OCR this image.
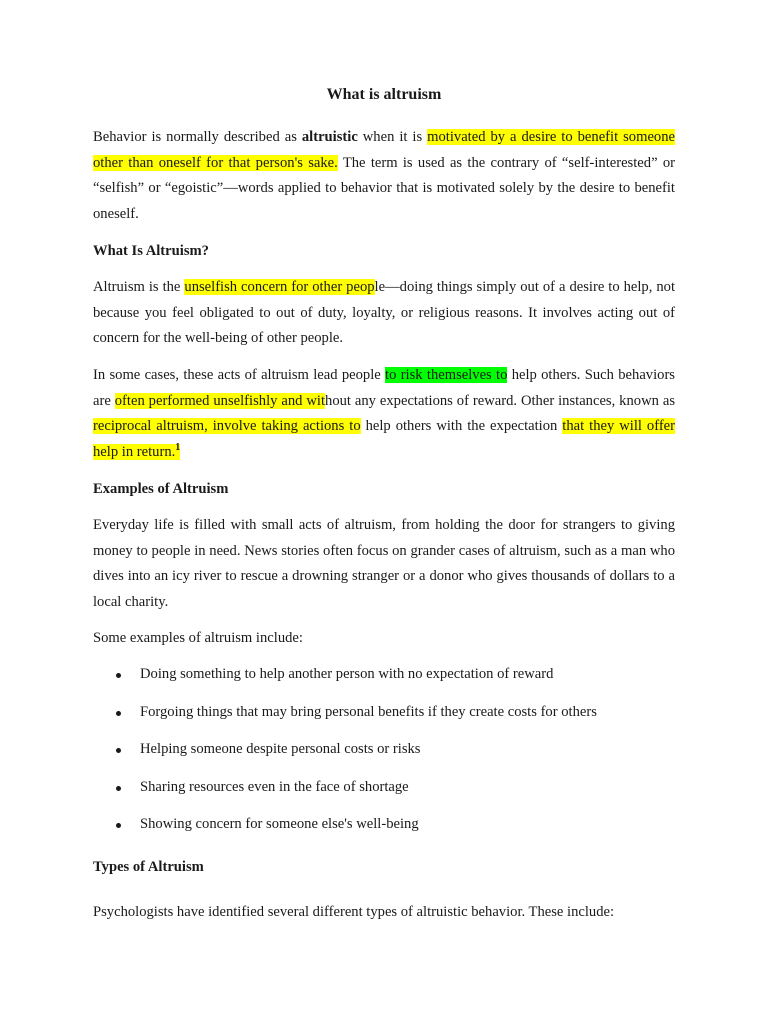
What is altruism

Behavior is normally described as altruistic when it is motivated by a desire to benefit someone other than oneself for that person's sake. The term is used as the contrary of “self-interested” or “selfish” or “egoistic”—words applied to behavior that is motivated solely by the desire to benefit oneself.

What Is Altruism?

Altruism is the unselfish concern for other people—doing things simply out of a desire to help, not because you feel obligated to out of duty, loyalty, or religious reasons. It involves acting out of concern for the well-being of other people.

In some cases, these acts of altruism lead people to risk themselves to help others. Such behaviors are often performed unselfishly and without any expectations of reward. Other instances, known as reciprocal altruism, involve taking actions to help others with the expectation that they will offer help in return.$^1$

Examples of Altruism

Everyday life is filled with small acts of altruism, from holding the door for strangers to giving money to people in need. News stories often focus on grander cases of altruism, such as a man who dives into an icy river to rescue a drowning stranger or a donor who gives thousands of dollars to a local charity.

Some examples of altruism include:

Doing something to help another person with no expectation of reward
Forgoing things that may bring personal benefits if they create costs for others
Helping someone despite personal costs or risks
Sharing resources even in the face of shortage
Showing concern for someone else's well-being
Types of Altruism

Psychologists have identified several different types of altruistic behavior. These include:
